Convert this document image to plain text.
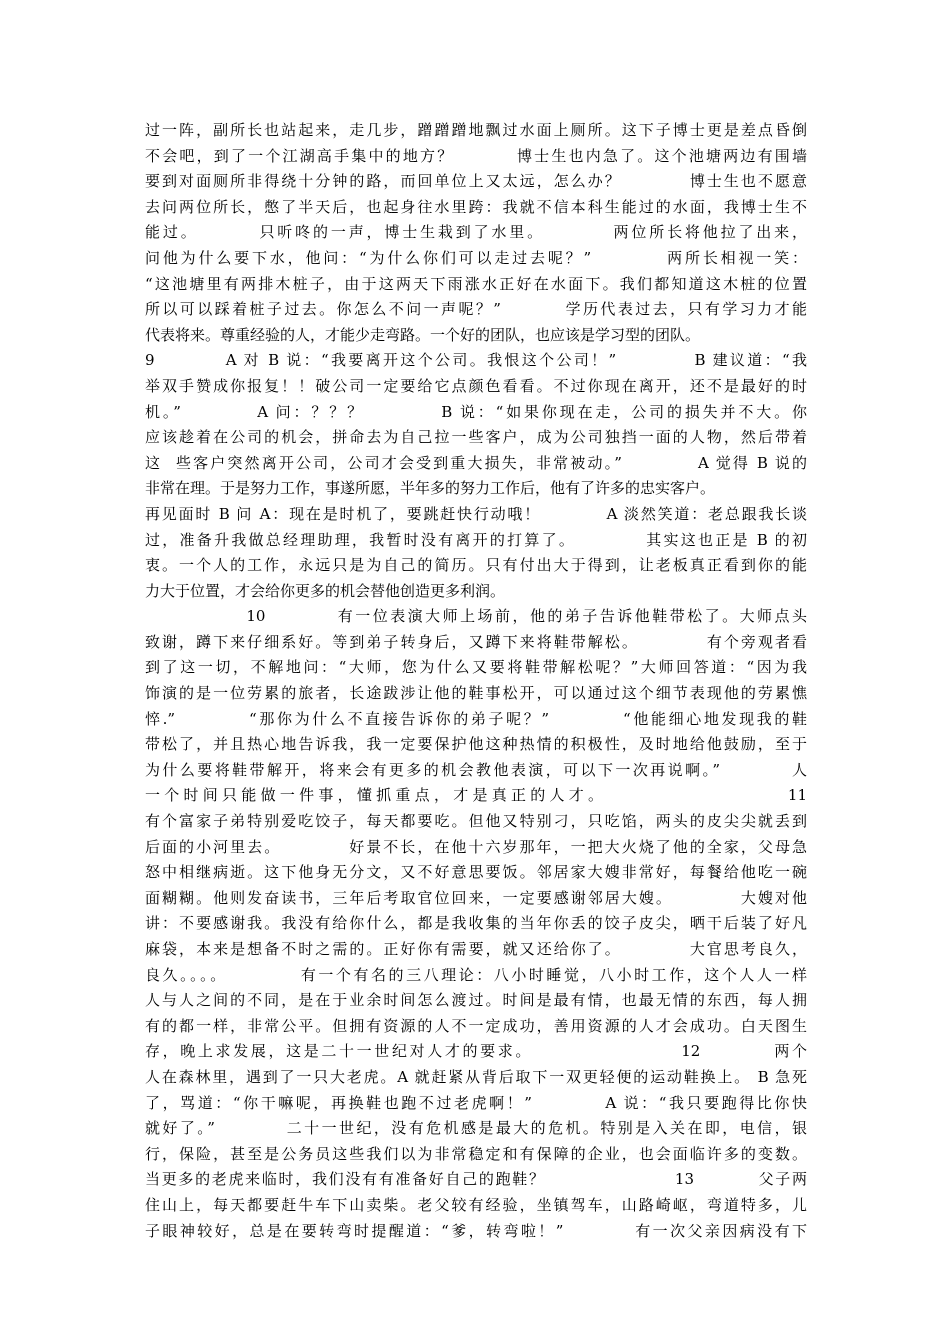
过一阵，副所长也站起来，走几步，蹭蹭蹭地飘过水面上厕所。这下子博士更是差点昏倒
不会吧，到了一个江湖高手集中的地方？         博士生也内急了。这个池塘两边有围墙
要到对面厕所非得绕十分钟的路，而回单位上又太远，怎么办？          博士生也不愿意
去问两位所长，憋了半天后，也起身往水里跨：我就不信本科生能过的水面，我博士生不
能过。        只听咚的一声，博士生栽到了水里。         两位所长将他拉了出来，
问他为什么要下水，他问：“为什么你们可以走过去呢？”          两所长相视一笑：
“这池塘里有两排木桩子，由于这两天下雨涨水正好在水面下。我们都知道这木桩的位置
所以可以踩着桩子过去。你怎么不问一声呢？”         学历代表过去，只有学习力才能
代表将来。尊重经验的人，才能少走弯路。一个好的团队，也应该是学习型的团队。
9          A 对 B 说：“我要离开这个公司。我恨这个公司！”           B 建议道：“我
举双手赞成你报复！！破公司一定要给它点颜色看看。不过你现在离开，还不是最好的时
机。”          A 问：？？？          B 说：“如果你现在走，公司的损失并不大。你
应该趁着在公司的机会，拼命去为自己拉一些客户，成为公司独挡一面的人物，然后带着
这  些客户突然离开公司，公司才会受到重大损失，非常被动。”           A 觉得 B 说的
非常在理。于是努力工作，事遂所愿，半年多的努力工作后，他有了许多的忠实客户。
再见面时 B 问 A：现在是时机了，要跳赶快行动哦！          A 淡然笑道：老总跟我长谈
过，准备升我做总经理助理，我暂时没有离开的打算了。          其实这也正是 B 的初
衷。一个人的工作，永远只是为自己的简历。只有付出大于得到，让老板真正看到你的能
力大于位置，才会给你更多的机会替他创造更多利润。
10          有一位表演大师上场前，他的弟子告诉他鞋带松了。大师点头
致谢，蹲下来仔细系好。等到弟子转身后，又蹲下来将鞋带解松。          有个旁观者看
到了这一切，不解地问：“大师，您为什么又要将鞋带解松呢？”大师回答道：“因为我
饰演的是一位劳累的旅者，长途跋涉让他的鞋事松开，可以通过这个细节表现他的劳累憔
悴.”          “那你为什么不直接告诉你的弟子呢？”          “他能细心地发现我的鞋
带松了，并且热心地告诉我，我一定要保护他这种热情的积极性，及时地给他鼓励，至于
为什么要将鞋带解开，将来会有更多的机会教他表演，可以下一次再说啊。”          人
一个时间只能做一件事，懂抓重点，才是真正的人才。                    11
有个富家子弟特别爱吃饺子，每天都要吃。但他又特别刁，只吃馅，两头的皮尖尖就丢到
后面的小河里去。          好景不长，在他十六岁那年，一把大火烧了他的全家，父母急
怒中相继病逝。这下他身无分文，又不好意思要饭。邻居家大嫂非常好，每餐给他吃一碗
面糊糊。他则发奋读书，三年后考取官位回来，一定要感谢邻居大嫂。          大嫂对他
讲：不要感谢我。我没有给你什么，都是我收集的当年你丢的饺子皮尖，晒干后装了好凡
麻袋，本来是想备不时之需的。正好你有需要，就又还给你了。          大官思考良久，
良久。。。。          有一个有名的三八理论：八小时睡觉，八小时工作，这个人人一样
人与人之间的不同，是在于业余时间怎么渡过。时间是最有情，也最无情的东西，每人拥
有的都一样，非常公平。但拥有资源的人不一定成功，善用资源的人才会成功。白天图生
存，晚上求发展，这是二十一世纪对人才的要求。                    12          两个
人在森林里，遇到了一只大老虎。A 就赶紧从背后取下一双更轻便的运动鞋换上。 B 急死
了，骂道：“你干嘛呢，再换鞋也跑不过老虎啊！”          A 说：“我只要跑得比你快
就好了。”          二十一世纪，没有危机感是最大的危机。特别是入关在即，电信，银
行，保险，甚至是公务员这些我们以为非常稳定和有保障的企业，也会面临许多的变数。
当更多的老虎来临时，我们没有有准备好自己的跑鞋？                    13          父子两
住山上，每天都要赶牛车下山卖柴。老父较有经验，坐镇驾车，山路崎岖，弯道特多，儿
子眼神较好，总是在要转弯时提醒道：“爹，转弯啦！”          有一次父亲因病没有下
